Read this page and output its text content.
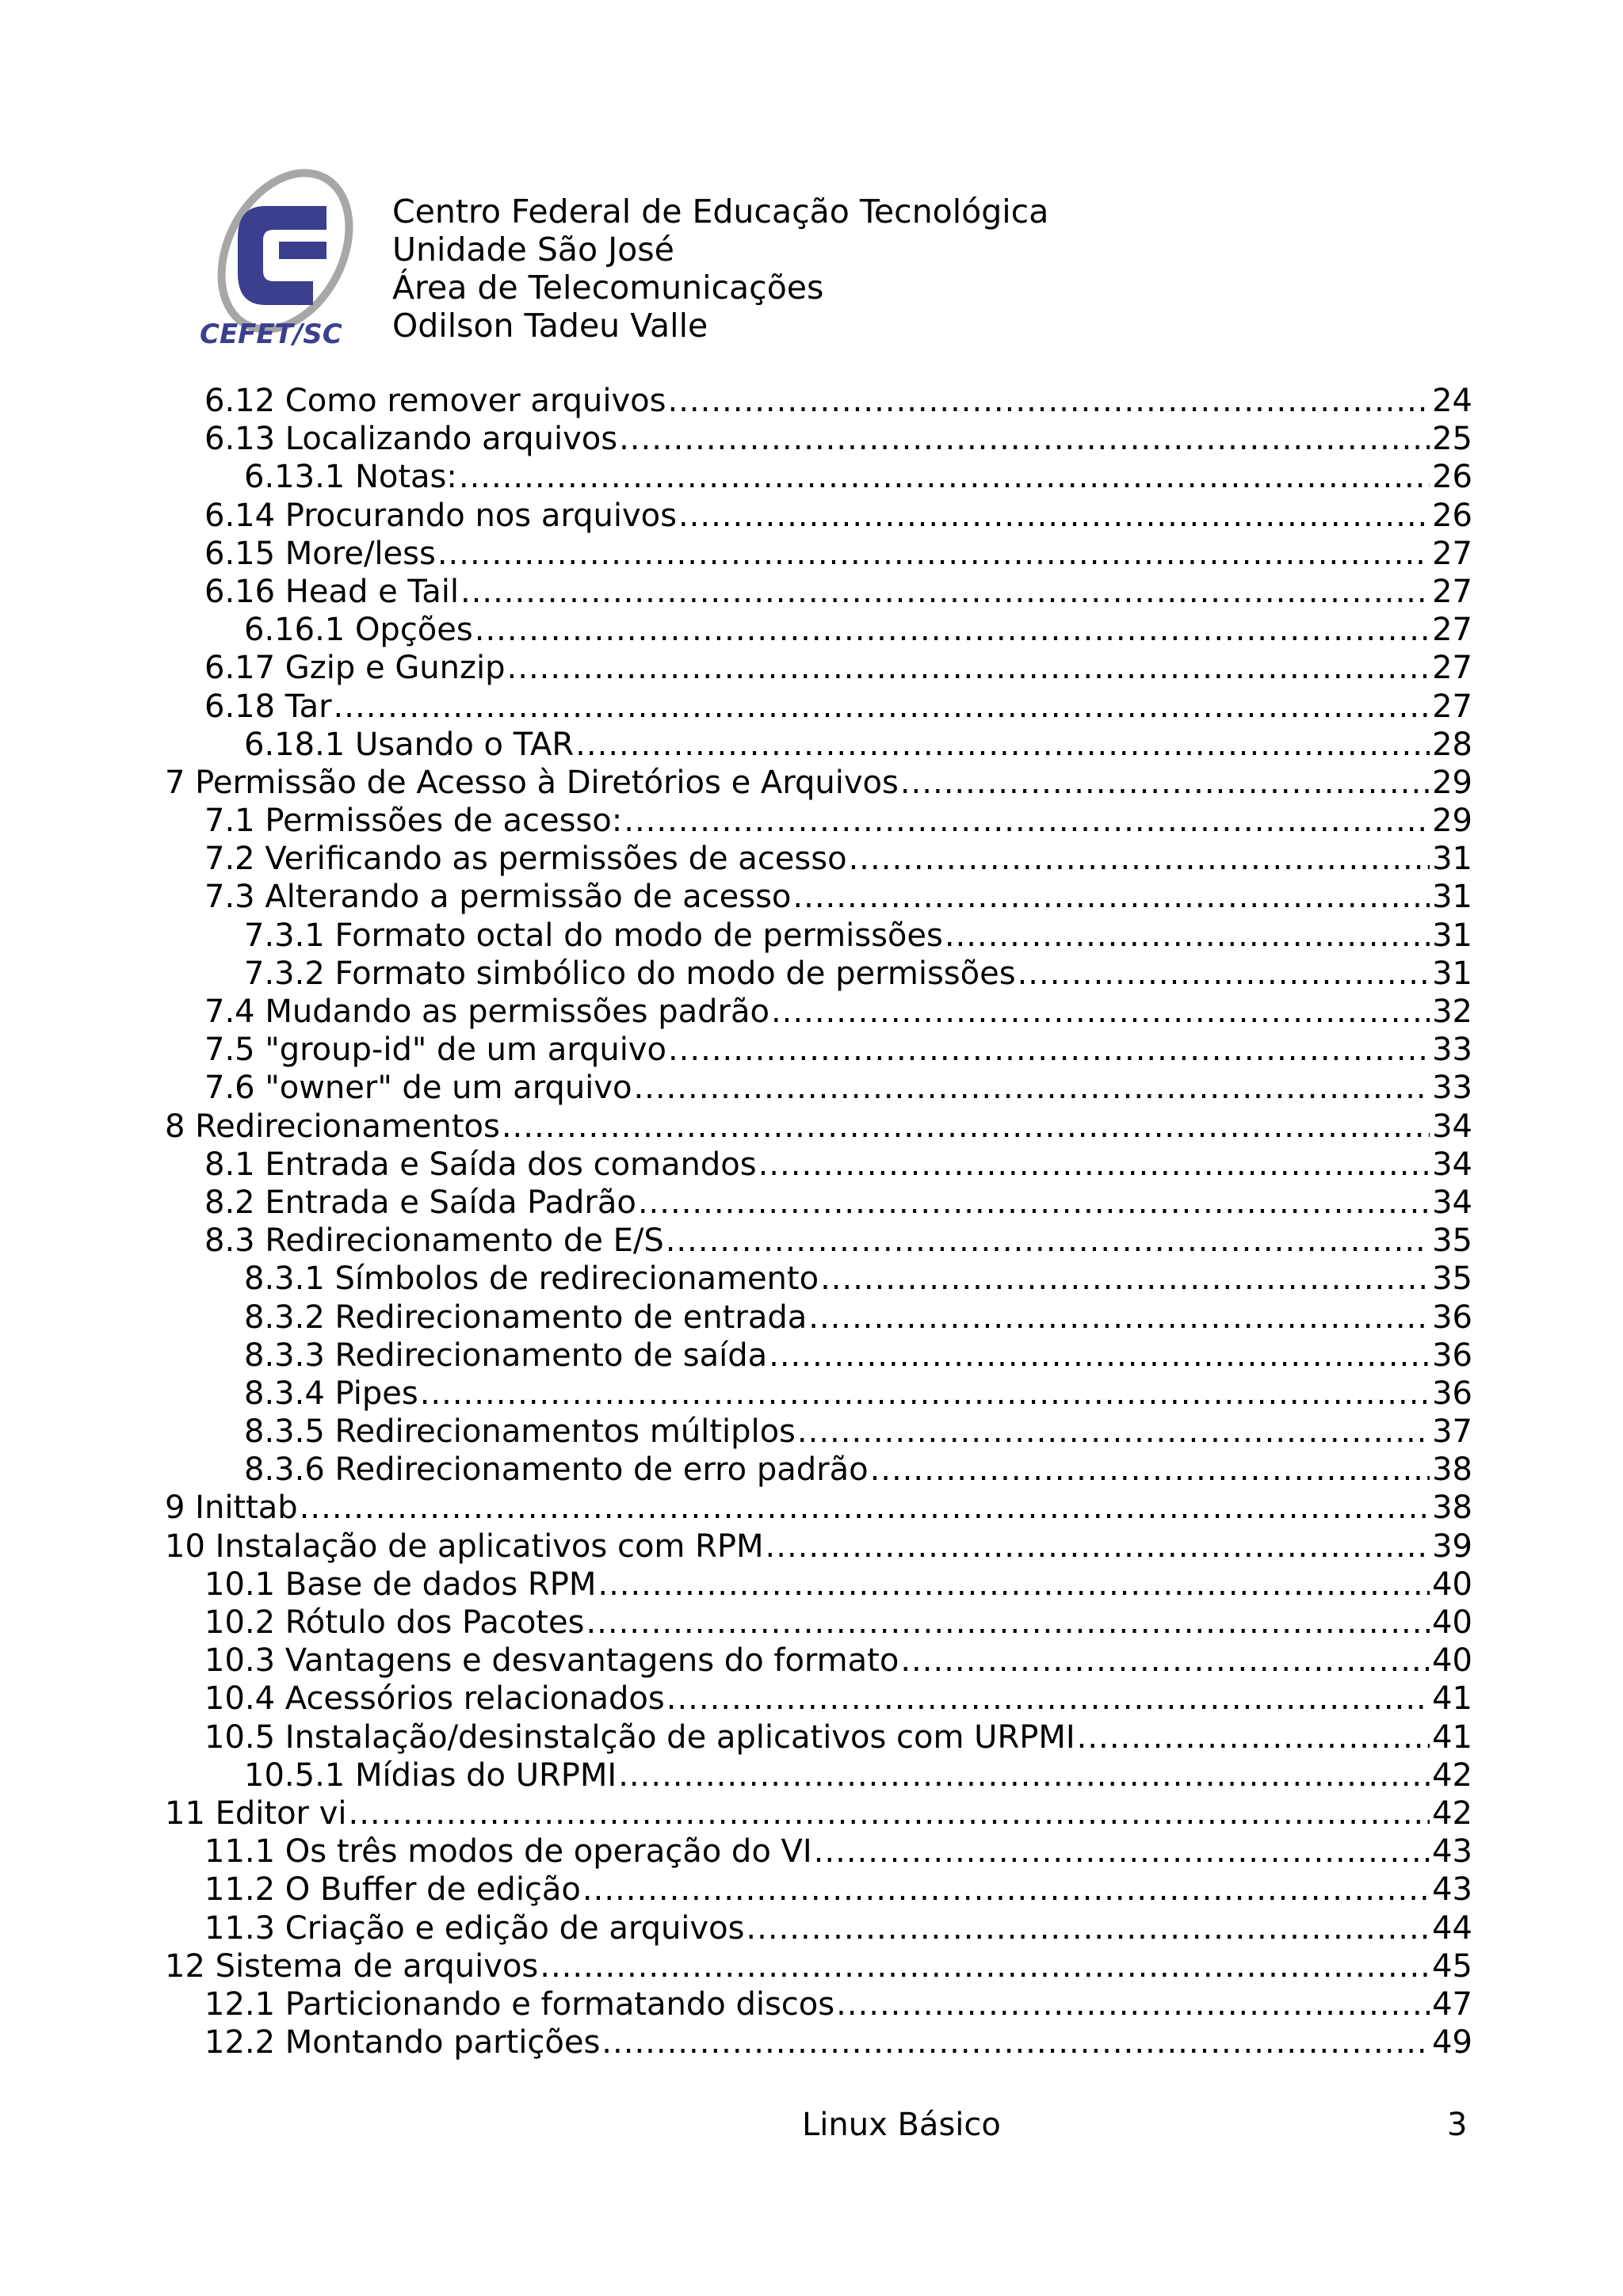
CEFET/SC
Centro Federal de Educação Tecnológica
Unidade São José
Área de Telecomunicações
Odilson Tadeu Valle
6.12 Como remover arquivos .....	24
6.13 Localizando arquivos .....	25
6.13.1 Notas: .....	26
6.14 Procurando nos arquivos .....	26
6.15 More/less .....	27
6.16 Head e Tail .....	27
6.16.1 Opções .....	27
6.17 Gzip e Gunzip .....	27
6.18 Tar .....	27
6.18.1 Usando o TAR .....	28
7 Permissão de Acesso à Diretórios e Arquivos .....	29
7.1 Permissões de acesso: .....	29
7.2 Verificando as permissões de acesso .....	31
7.3 Alterando a permissão de acesso .....	31
7.3.1 Formato octal do modo de permissões .....	31
7.3.2 Formato simbólico do modo de permissões .....	31
7.4 Mudando as permissões padrão .....	32
7.5 "group-id" de um arquivo .....	33
7.6 "owner" de um arquivo .....	33
8 Redirecionamentos .....	34
8.1 Entrada e Saída dos comandos .....	34
8.2 Entrada e Saída Padrão .....	34
8.3 Redirecionamento de E/S .....	35
8.3.1 Símbolos de redirecionamento .....	35
8.3.2 Redirecionamento de entrada .....	36
8.3.3 Redirecionamento de saída .....	36
8.3.4 Pipes .....	36
8.3.5 Redirecionamentos múltiplos .....	37
8.3.6 Redirecionamento de erro padrão .....	38
9 Inittab .....	38
10 Instalação de aplicativos com RPM .....	39
10.1 Base de dados RPM .....	40
10.2 Rótulo dos Pacotes .....	40
10.3 Vantagens e desvantagens do formato .....	40
10.4 Acessórios relacionados .....	41
10.5 Instalação/desinstalção de aplicativos com URPMI .....	41
10.5.1 Mídias do URPMI .....	42
11 Editor vi .....	42
11.1 Os três modos de operação do VI .....	43
11.2 O Buffer de edição .....	43
11.3 Criação e edição de arquivos .....	44
12 Sistema de arquivos .....	45
12.1 Particionando e formatando discos .....	47
12.2 Montando partições .....	49
Linux Básico	3
